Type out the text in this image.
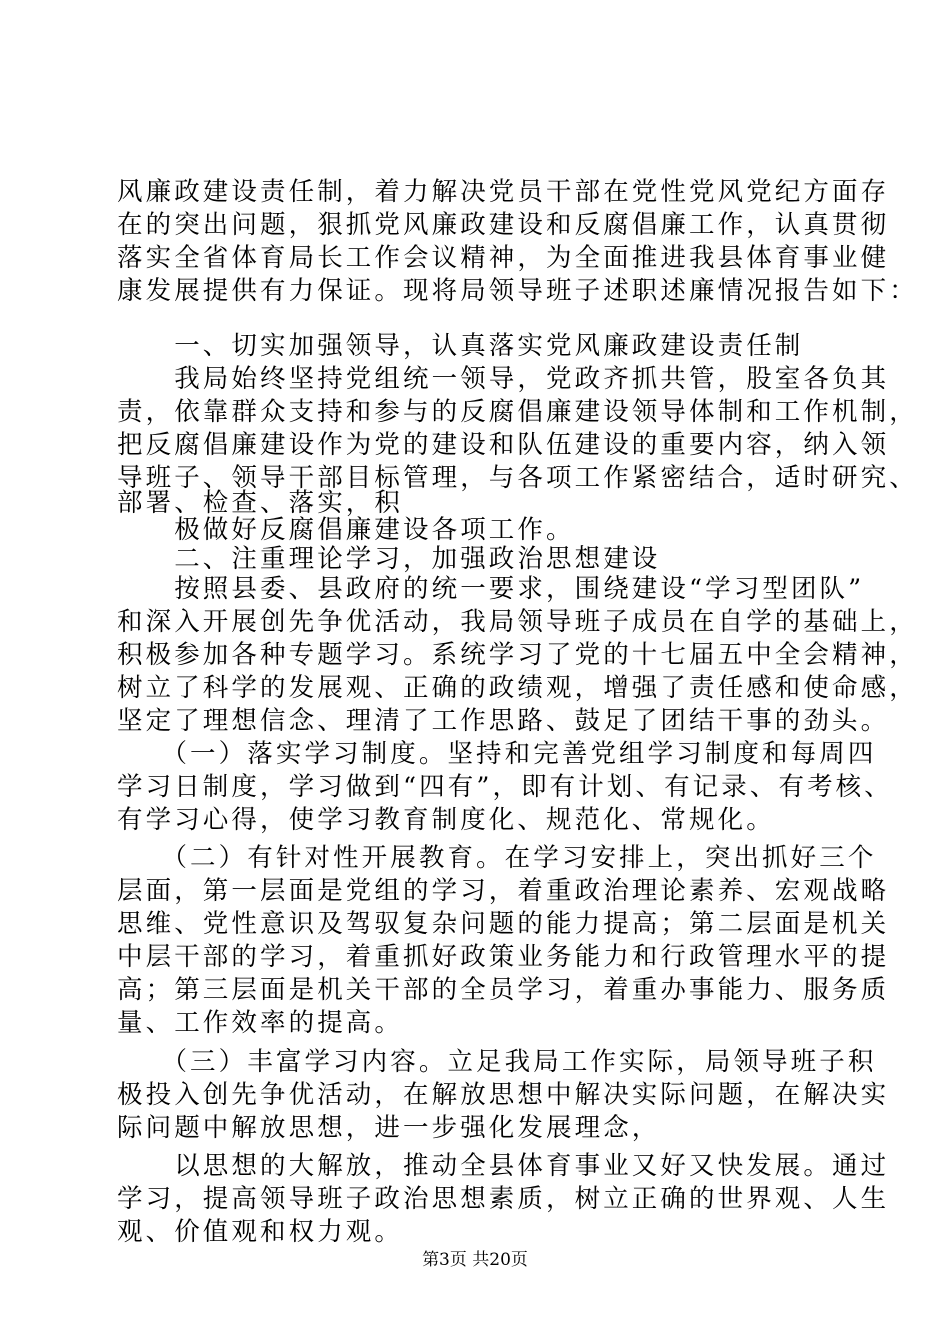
风廉政建设责任制，着力解决党员干部在党性党风党纪方面存
在的突出问题，狠抓党风廉政建设和反腐倡廉工作，认真贯彻
落实全省体育局长工作会议精神，为全面推进我县体育事业健
康发展提供有力保证。现将局领导班子述职述廉情况报告如下：
　　一、切实加强领导，认真落实党风廉政建设责任制
　　我局始终坚持党组统一领导，党政齐抓共管，股室各负其
责，依靠群众支持和参与的反腐倡廉建设领导体制和工作机制，
把反腐倡廉建设作为党的建设和队伍建设的重要内容，纳入领
导班子、领导干部目标管理，与各项工作紧密结合，适时研究、
部署、检查、落实，积
　　极做好反腐倡廉建设各项工作。
　　二、注重理论学习，加强政治思想建设
　　按照县委、县政府的统一要求，围绕建设“学习型团队”
和深入开展创先争优活动，我局领导班子成员在自学的基础上，
积极参加各种专题学习。系统学习了党的十七届五中全会精神，
树立了科学的发展观、正确的政绩观，增强了责任感和使命感，
坚定了理想信念、理清了工作思路、鼓足了团结干事的劲头。
　　（一）落实学习制度。坚持和完善党组学习制度和每周四
学习日制度，学习做到“四有”，即有计划、有记录、有考核、
有学习心得，使学习教育制度化、规范化、常规化。
　　（二）有针对性开展教育。在学习安排上，突出抓好三个
层面，第一层面是党组的学习，着重政治理论素养、宏观战略
思维、党性意识及驾驭复杂问题的能力提高；第二层面是机关
中层干部的学习，着重抓好政策业务能力和行政管理水平的提
高；第三层面是机关干部的全员学习，着重办事能力、服务质
量、工作效率的提高。
　　（三）丰富学习内容。立足我局工作实际，局领导班子积
极投入创先争优活动，在解放思想中解决实际问题，在解决实
际问题中解放思想，进一步强化发展理念，
　　以思想的大解放，推动全县体育事业又好又快发展。通过
学习，提高领导班子政治思想素质，树立正确的世界观、人生
观、价值观和权力观。
第3页 共20页
